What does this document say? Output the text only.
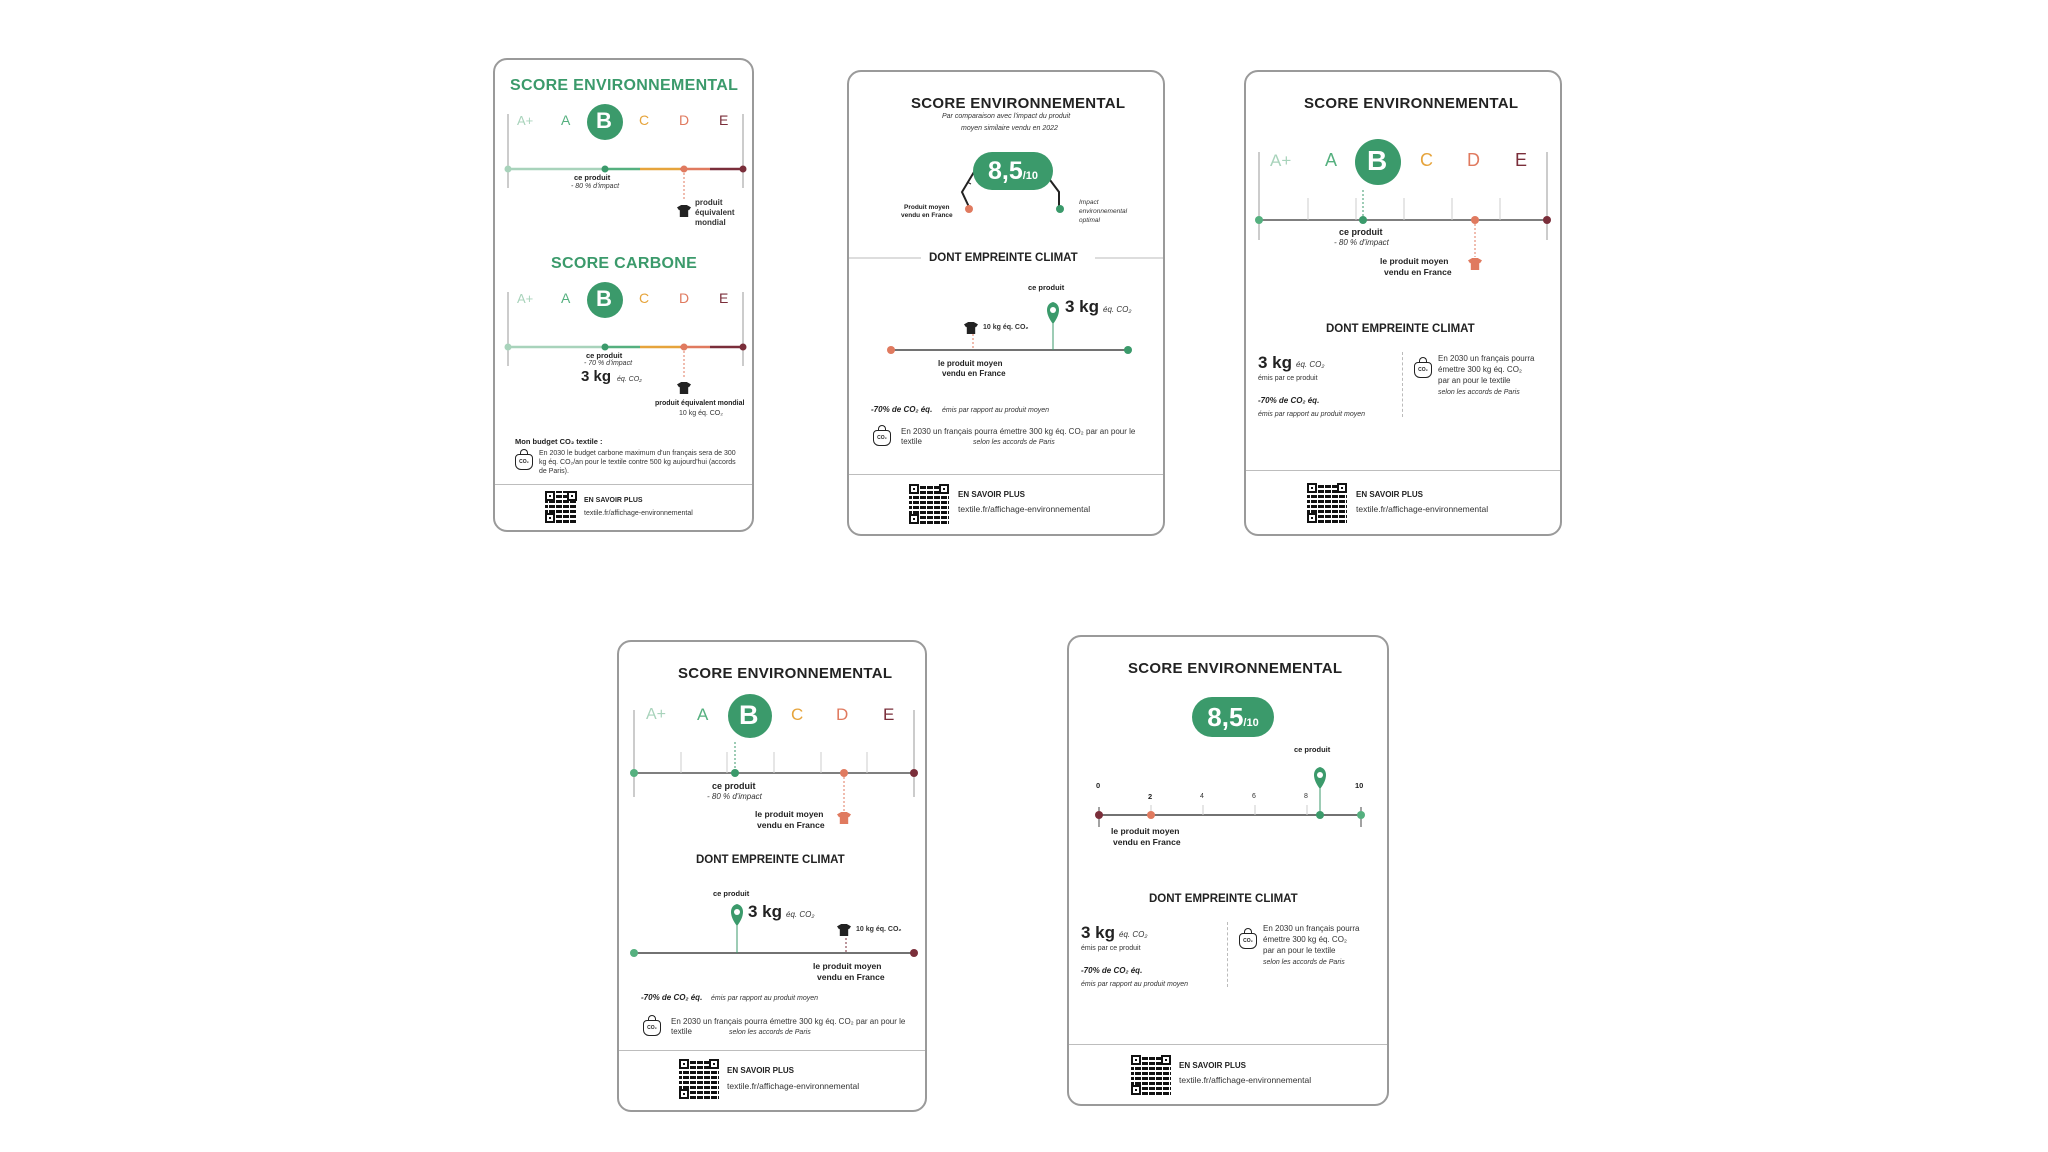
SCORE ENVIRONNEMENTAL
A+ A B C D E
ce produit
- 80 % d'impact
produit équivalent mondial
SCORE CARBONE
A+ A B C D E
ce produit
- 70 % d'impact
3 kg éq. CO₂
produit équivalent mondial
10 kg éq. CO₂
Mon budget CO₂ textile :
CO₂
En 2030 le budget carbone maximum d'un français sera de 300 kg éq. CO₂/an pour le textile contre 500 kg aujourd'hui (accords de Paris).
EN SAVOIR PLUS
textile.fr/affichage-environnemental
SCORE ENVIRONNEMENTAL
Par comparaison avec l'impact du produit
moyen similaire vendu en 2022
8,5/10
Produit moyen
vendu en France
Impact
environnemental
optimal
DONT EMPREINTE CLIMAT
ce produit
3 kg éq. CO₂
10 kg éq. CO₂
le produit moyen
vendu en France
-70% de CO₂ éq. émis par rapport au produit moyen
CO₂
En 2030 un français pourra émettre 300 kg éq. CO₂ par an pour le textile	selon les accords de Paris
EN SAVOIR PLUS
textile.fr/affichage-environnemental
SCORE ENVIRONNEMENTAL
A+ A B C D E
ce produit
- 80 % d'impact
le produit moyen
vendu en France
DONT EMPREINTE CLIMAT
3 kg éq. CO₂
émis par ce produit
-70% de CO₂ éq.
émis par rapport au produit moyen
CO₂
En 2030 un français pourra
émettre 300 kg éq. CO₂
par an pour le textile
selon les accords de Paris
EN SAVOIR PLUS
textile.fr/affichage-environnemental
SCORE ENVIRONNEMENTAL
A+ A B C D E
ce produit
- 80 % d'impact
le produit moyen
vendu en France
DONT EMPREINTE CLIMAT
ce produit
3 kg éq. CO₂
10 kg éq. CO₂
le produit moyen
vendu en France
-70% de CO₂ éq. émis par rapport au produit moyen
CO₂
En 2030 un français pourra émettre 300 kg éq. CO₂ par an pour le textile	selon les accords de Paris
EN SAVOIR PLUS
textile.fr/affichage-environnemental
SCORE ENVIRONNEMENTAL
8,5/10
ce produit
0
2	4	6	8
10
le produit moyen
vendu en France
DONT EMPREINTE CLIMAT
3 kg éq. CO₂
émis par ce produit
-70% de CO₂ éq.
émis par rapport au produit moyen
CO₂
En 2030 un français pourra
émettre 300 kg éq. CO₂
par an pour le textile
selon les accords de Paris
EN SAVOIR PLUS
textile.fr/affichage-environnemental
